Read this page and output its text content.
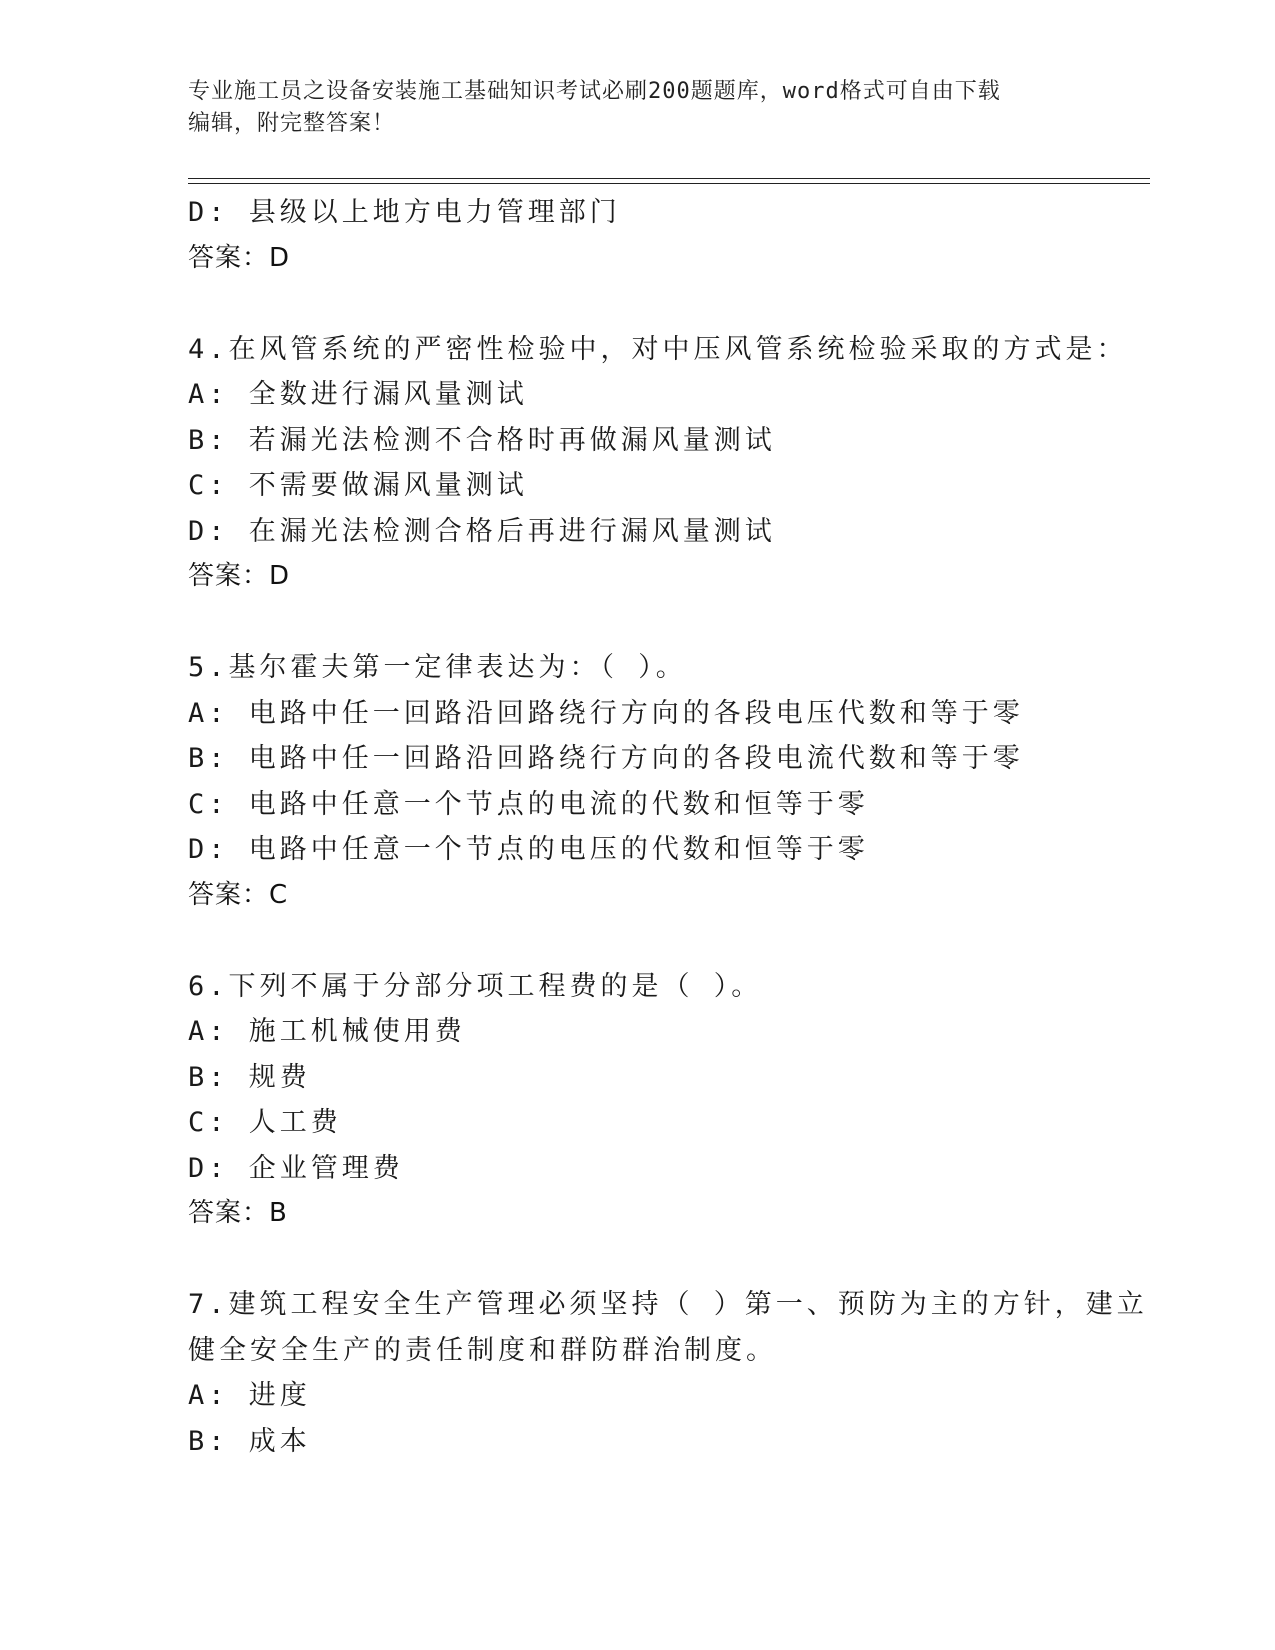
专业施工员之设备安装施工基础知识考试必刷200题题库，word格式可自由下载
编辑，附完整答案！
D: 县级以上地方电力管理部门
答案：D
4.在风管系统的严密性检验中，对中压风管系统检验采取的方式是：
A: 全数进行漏风量测试
B: 若漏光法检测不合格时再做漏风量测试
C: 不需要做漏风量测试
D: 在漏光法检测合格后再进行漏风量测试
答案：D
5.基尔霍夫第一定律表达为：（ ）。
A: 电路中任一回路沿回路绕行方向的各段电压代数和等于零
B: 电路中任一回路沿回路绕行方向的各段电流代数和等于零
C: 电路中任意一个节点的电流的代数和恒等于零
D: 电路中任意一个节点的电压的代数和恒等于零
答案：C
6.下列不属于分部分项工程费的是（ ）。
A: 施工机械使用费
B: 规费
C: 人工费
D: 企业管理费
答案：B
7.建筑工程安全生产管理必须坚持（ ）第一、预防为主的方针，建立
健全安全生产的责任制度和群防群治制度。
A: 进度
B: 成本
